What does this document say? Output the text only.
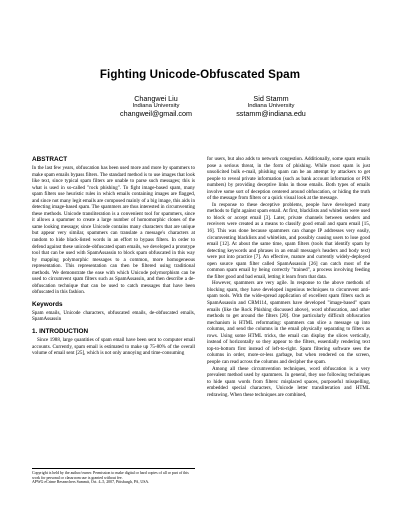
Fighting Unicode-Obfuscated Spam
Changwei Liu
Indiana University
changweil@gmail.com
Sid Stamm
Indiana University
sstamm@indiana.edu
ABSTRACT

In the last few years, obfuscation has been used more and more by spammers to make spam emails bypass filters. The standard method is to use images that look like text, since typical spam filters are unable to parse such messages; this is what is used in so-called "rock phishing". To fight image-based spam, many spam filters use heuristic rules in which emails containing images are flagged, and since not many legit emails are composed mainly of a big image, this aids in detecting image-based spam. The spammers are thus interested in circumventing these methods. Unicode transliteration is a convenient tool for spammers, since it allows a spammer to create a large number of homomorphic clones of the same looking message; since Unicode contains many characters that are unique but appear very similar, spammers can translate a message's characters at random to hide black-listed words in an effort to bypass filters. In order to defend against these unicode-obfuscated spam emails, we developed a prototype tool that can be used with SpamAssassin to block spam obfuscated in this way by mapping polymorphic messages to a common, more homogeneous representation. This representation can then be filtered using traditional methods. We demonstrate the ease with which Unicode polymorphism can be used to circumvent spam filters such as SpamAssassin, and then describe a de-obfuscation technique that can be used to catch messages that have been obfuscated in this fashion.

Keywords

Spam emails, Unicode characters, obfuscated emails, de-obfuscated emails, SpamAssassin

1. INTRODUCTION

Since 1988, large quantities of spam email have been sent to computer email accounts. Currently, spam email is estimated to make up 75-80% of the overall volume of email sent [25], which is not only annoying and time-consuming

Copyright is held by the author/owner. Permission to make digital or hard copies of all or part of this work for personal or classroom use is granted without fee.

APWG eCrime Researchers Summit, Oct. 4–5, 2007, Pittsburgh, PA, USA.

for users, but also adds to network congestion. Additionally, some spam emails pose a serious threat, in the form of phishing. While most spam is just unsolicited bulk e-mail, phishing spam can be an attempt by attackers to get people to reveal private information (such as bank account information or PIN numbers) by providing deceptive links in those emails. Both types of emails involve some sort of deception centered around obfuscation, or hiding the truth of the message from filters or a quick visual look at the message.

In response to these deceptive problems, people have developed many methods to fight against spam email. At first, blacklists and whitelists were used to block or accept email [3]. Later, private channels between senders and receivers were created as a means to classify good email and spam email [15, 16]. This was done because spammers can change IP addresses very easily, circumventing blacklists and whitelists, and possibly causing users to lose good email [12]. At about the same time, spam filters (tools that identify spam by detecting keywords and phrases in an email message's headers and body text) were put into practice [7]. An effective, mature and currently widely-deployed open source spam filter called SpamAssassin [26] can catch most of the common spam email by being correctly "trained", a process involving feeding the filter good and bad email, letting it learn from that data.

However, spammers are very agile. In response to the above methods of blocking spam, they have developed ingenious techniques to circumvent anti-spam tools. With the wide-spread application of excellent spam filters such as SpamAssassin and CRM114, spammers have developed "image-based" spam emails (like the Rock Phishing discussed above), word obfuscation, and other methods to get around the filters [20]. One particularly difficult obfuscation mechanism is HTML reformating: spammers can slice a message up into columns, and send the columns in the email physically separating to filters as rows. Using some HTML tricks, the email can display the slices vertically, instead of horizontally so they appear to the filters, essentially rendering text top-to-bottom first instead of left-to-right. Spam filtering software sees the columns in order, more-or-less garbage, but when rendered on the screen, people can read across the columns and decipher the spam.

Among all these circumvention techniques, word obfuscation is a very prevalent method used by spammers. In general, they use following techniques to hide spam words from filters: misplaced spaces, purposeful misspelling, embedded special characters, Unicode letter transliteration and HTML redrawing. When these techniques are combined,
